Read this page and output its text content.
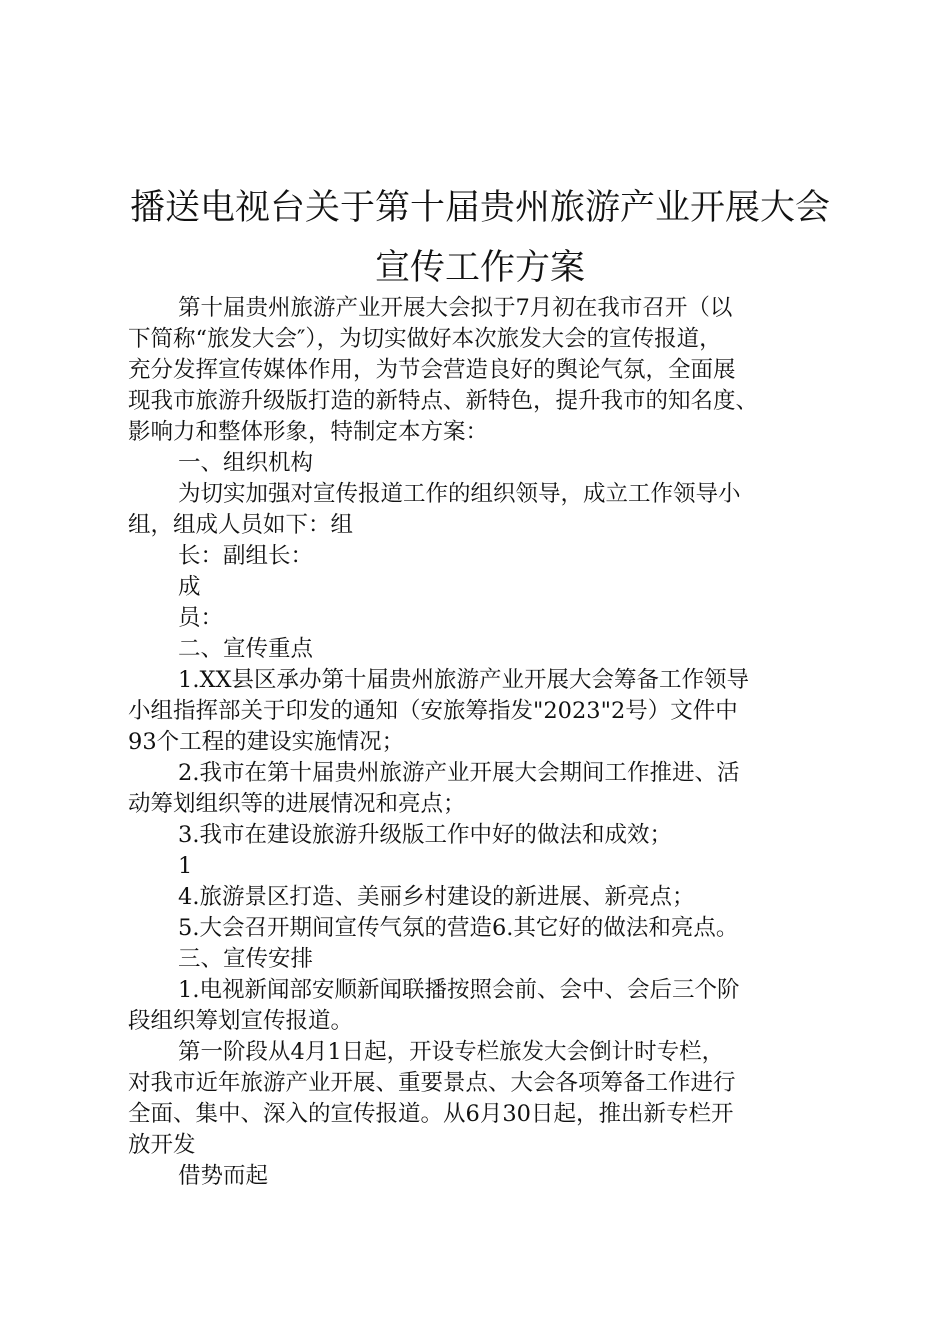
播送电视台关于第十届贵州旅游产业开展大会
宣传工作方案
第十届贵州旅游产业开展大会拟于7月初在我市召开（以
下简称“旅发大会″），为切实做好本次旅发大会的宣传报道，
充分发挥宣传媒体作用，为节会营造良好的舆论气氛，全面展
现我市旅游升级版打造的新特点、新特色，提升我市的知名度、
影响力和整体形象，特制定本方案：
一、组织机构
为切实加强对宣传报道工作的组织领导，成立工作领导小
组，组成人员如下：组
长：副组长：
成
员：
二、宣传重点
1.XX县区承办第十届贵州旅游产业开展大会筹备工作领导
小组指挥部关于印发的通知（安旅筹指发"2023"2号）文件中
93个工程的建设实施情况；
2.我市在第十届贵州旅游产业开展大会期间工作推进、活
动筹划组织等的进展情况和亮点；
3.我市在建设旅游升级版工作中好的做法和成效；
1
4.旅游景区打造、美丽乡村建设的新进展、新亮点；
5.大会召开期间宣传气氛的营造6.其它好的做法和亮点。
三、宣传安排
1.电视新闻部安顺新闻联播按照会前、会中、会后三个阶
段组织筹划宣传报道。
第一阶段从4月1日起，开设专栏旅发大会倒计时专栏，
对我市近年旅游产业开展、重要景点、大会各项筹备工作进行
全面、集中、深入的宣传报道。从6月30日起，推出新专栏开
放开发
借势而起
